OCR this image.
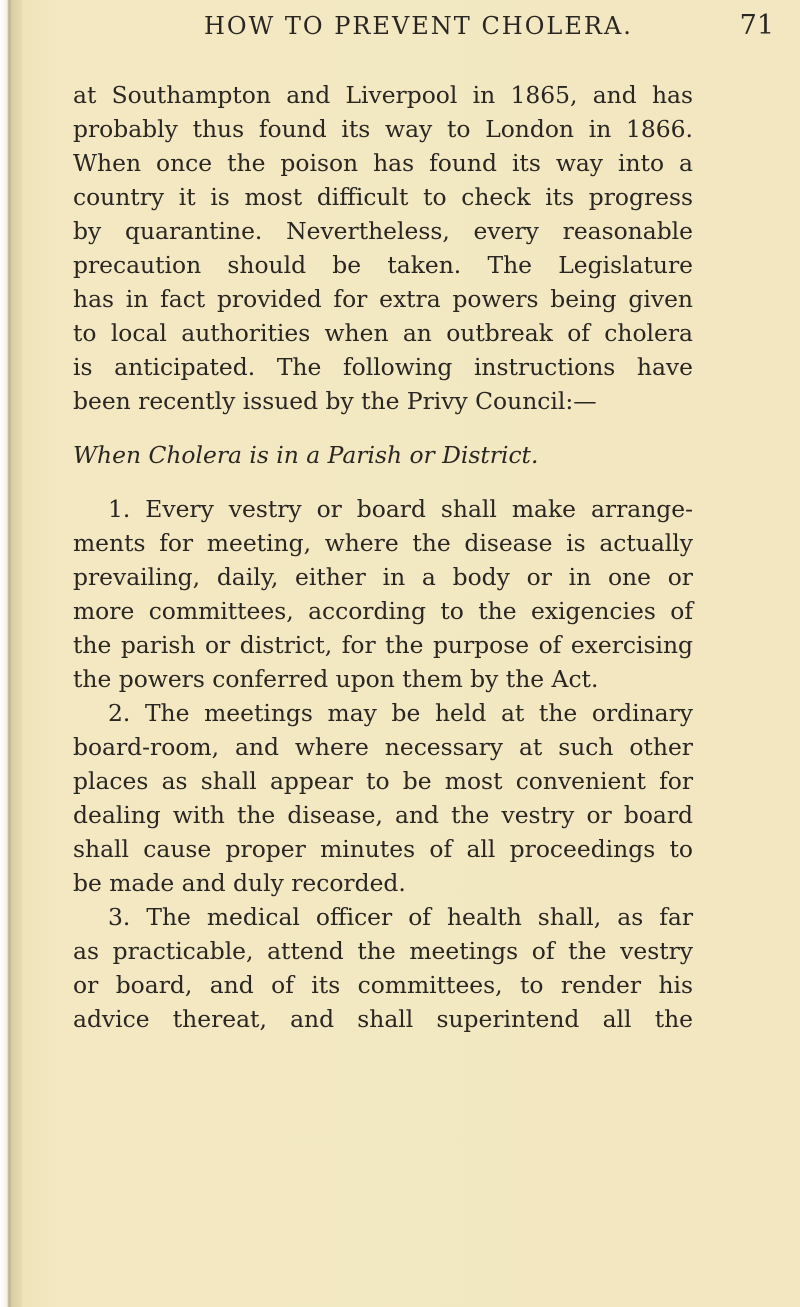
HOW TO PREVENT CHOLERA.	71
at Southampton and Liverpool in 1865, and has
probably thus found its way to London in 1866.
When once the poison has found its way into a
country it is most difficult to check its progress
by quarantine. Nevertheless, every reasonable
precaution should be taken. The Legislature
has in fact provided for extra powers being given
to local authorities when an outbreak of cholera
is anticipated. The following instructions have
been recently issued by the Privy Council:—
When Cholera is in a Parish or District.
1. Every vestry or board shall make arrange-
ments for meeting, where the disease is actually
prevailing, daily, either in a body or in one or
more committees, according to the exigencies of
the parish or district, for the purpose of exercising
the powers conferred upon them by the Act.
2. The meetings may be held at the ordinary
board-room, and where necessary at such other
places as shall appear to be most convenient for
dealing with the disease, and the vestry or board
shall cause proper minutes of all proceedings to
be made and duly recorded.
3. The medical officer of health shall, as far
as practicable, attend the meetings of the vestry
or board, and of its committees, to render his
advice thereat, and shall superintend all the
